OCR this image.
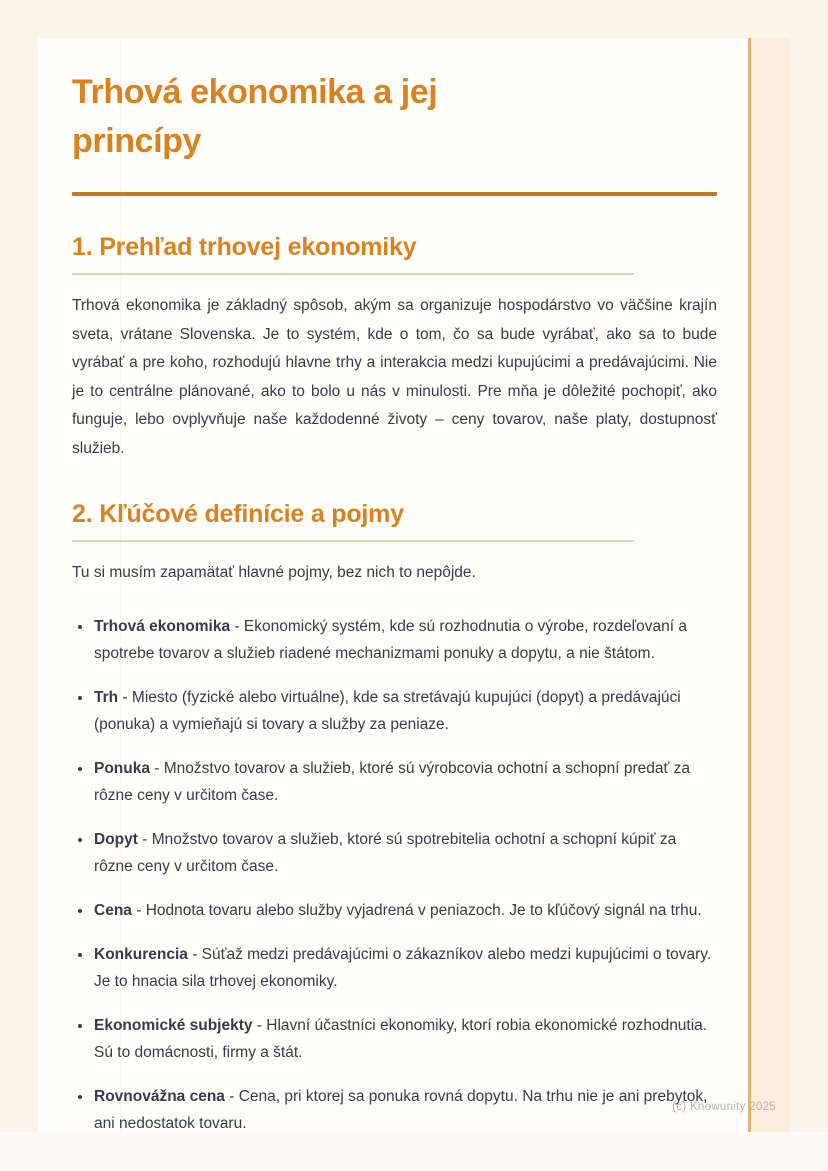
Trhová ekonomika a jej princípy
1. Prehľad trhovej ekonomiky

Trhová ekonomika je základný spôsob, akým sa organizuje hospodárstvo vo väčšine krajín sveta, vrátane Slovenska. Je to systém, kde o tom, čo sa bude vyrábať, ako sa to bude vyrábať a pre koho, rozhodujú hlavne trhy a interakcia medzi kupujúcimi a predávajúcimi. Nie je to centrálne plánované, ako to bolo u nás v minulosti. Pre mňa je dôležité pochopiť, ako funguje, lebo ovplyvňuje naše každodenné životy – ceny tovarov, naše platy, dostupnosť služieb.

2. Kľúčové definície a pojmy

Tu si musím zapamätať hlavné pojmy, bez nich to nepôjde.

• Trhová ekonomika - Ekonomický systém, kde sú rozhodnutia o výrobe, rozdeľovaní a spotrebe tovarov a služieb riadené mechanizmami ponuky a dopytu, a nie štátom.
• Trh - Miesto (fyzické alebo virtuálne), kde sa stretávajú kupujúci (dopyt) a predávajúci (ponuka) a vymieňajú si tovary a služby za peniaze.
• Ponuka - Množstvo tovarov a služieb, ktoré sú výrobcovia ochotní a schopní predať za rôzne ceny v určitom čase.
• Dopyt - Množstvo tovarov a služieb, ktoré sú spotrebitelia ochotní a schopní kúpiť za rôzne ceny v určitom čase.
• Cena - Hodnota tovaru alebo služby vyjadrená v peniazoch. Je to kľúčový signál na trhu.
• Konkurencia - Súťaž medzi predávajúcimi o zákazníkov alebo medzi kupujúcimi o tovary. Je to hnacia sila trhovej ekonomiky.
• Ekonomické subjekty - Hlavní účastníci ekonomiky, ktorí robia ekonomické rozhodnutia. Sú to domácnosti, firmy a štát.
• Rovnovážna cena - Cena, pri ktorej sa ponuka rovná dopytu. Na trhu nie je ani prebytok, ani nedostatok tovaru.
(c) Knowunity 2025
